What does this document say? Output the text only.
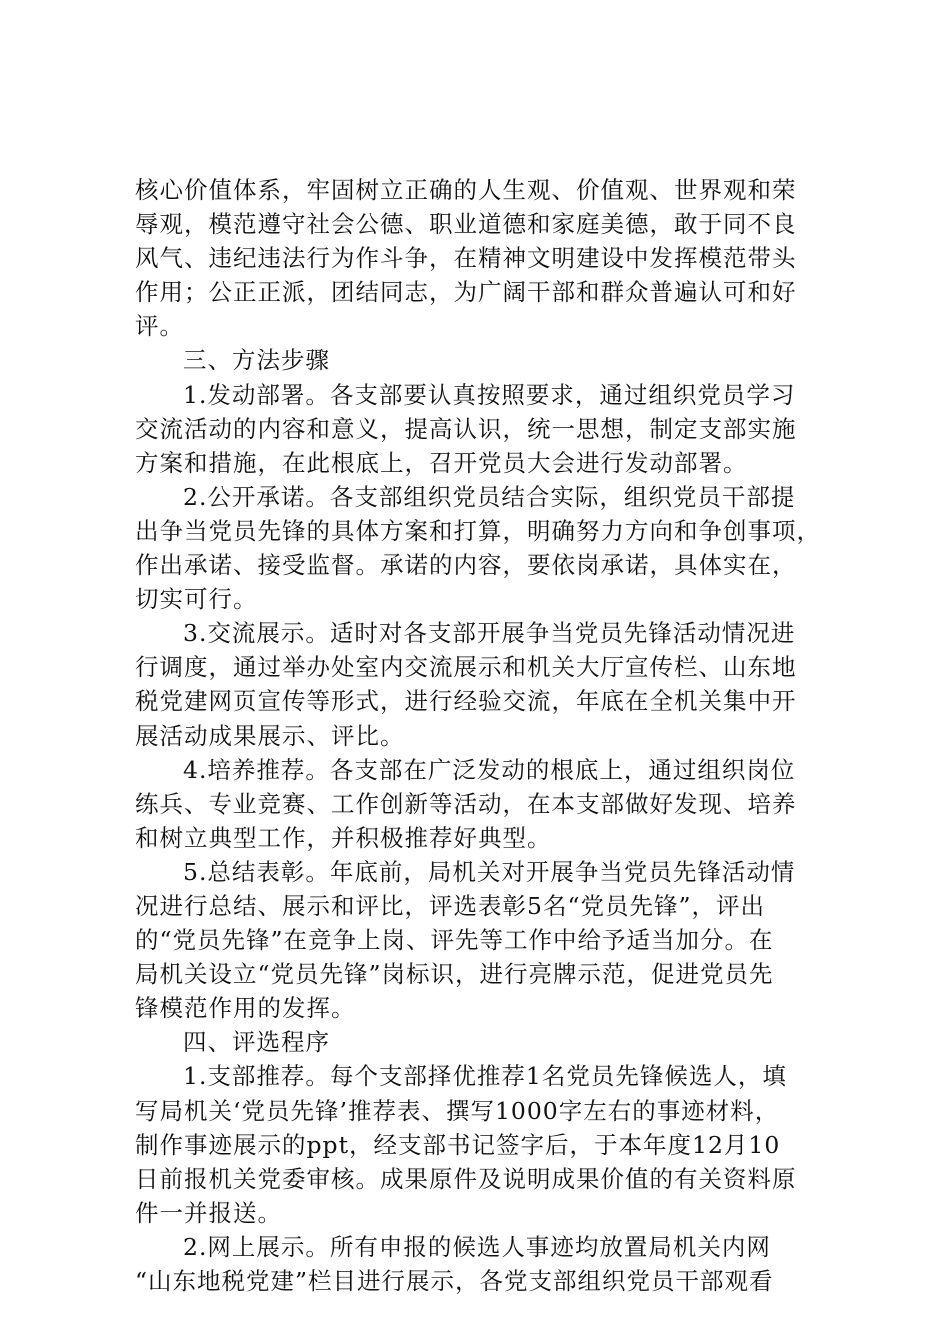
核心价值体系，牢固树立正确的人生观、价值观、世界观和荣
辱观，模范遵守社会公德、职业道德和家庭美德，敢于同不良
风气、违纪违法行为作斗争，在精神文明建设中发挥模范带头
作用；公正正派，团结同志，为广阔干部和群众普遍认可和好
评。
三、方法步骤
1.发动部署。各支部要认真按照要求，通过组织党员学习
交流活动的内容和意义，提高认识，统一思想，制定支部实施
方案和措施，在此根底上，召开党员大会进行发动部署。
2.公开承诺。各支部组织党员结合实际，组织党员干部提
出争当党员先锋的具体方案和打算，明确努力方向和争创事项，
作出承诺、接受监督。承诺的内容，要依岗承诺，具体实在，
切实可行。
3.交流展示。适时对各支部开展争当党员先锋活动情况进
行调度，通过举办处室内交流展示和机关大厅宣传栏、山东地
税党建网页宣传等形式，进行经验交流，年底在全机关集中开
展活动成果展示、评比。
4.培养推荐。各支部在广泛发动的根底上，通过组织岗位
练兵、专业竞赛、工作创新等活动，在本支部做好发现、培养
和树立典型工作，并积极推荐好典型。
5.总结表彰。年底前，局机关对开展争当党员先锋活动情
况进行总结、展示和评比，评选表彰5名“党员先锋”，评出
的“党员先锋”在竞争上岗、评先等工作中给予适当加分。在
局机关设立“党员先锋”岗标识，进行亮牌示范，促进党员先
锋模范作用的发挥。
四、评选程序
1.支部推荐。每个支部择优推荐1名党员先锋候选人，填
写局机关‘党员先锋’推荐表、撰写1000字左右的事迹材料，
制作事迹展示的ppt，经支部书记签字后，于本年度12月10
日前报机关党委审核。成果原件及说明成果价值的有关资料原
件一并报送。
2.网上展示。所有申报的候选人事迹均放置局机关内网
“山东地税党建”栏目进行展示，各党支部组织党员干部观看
